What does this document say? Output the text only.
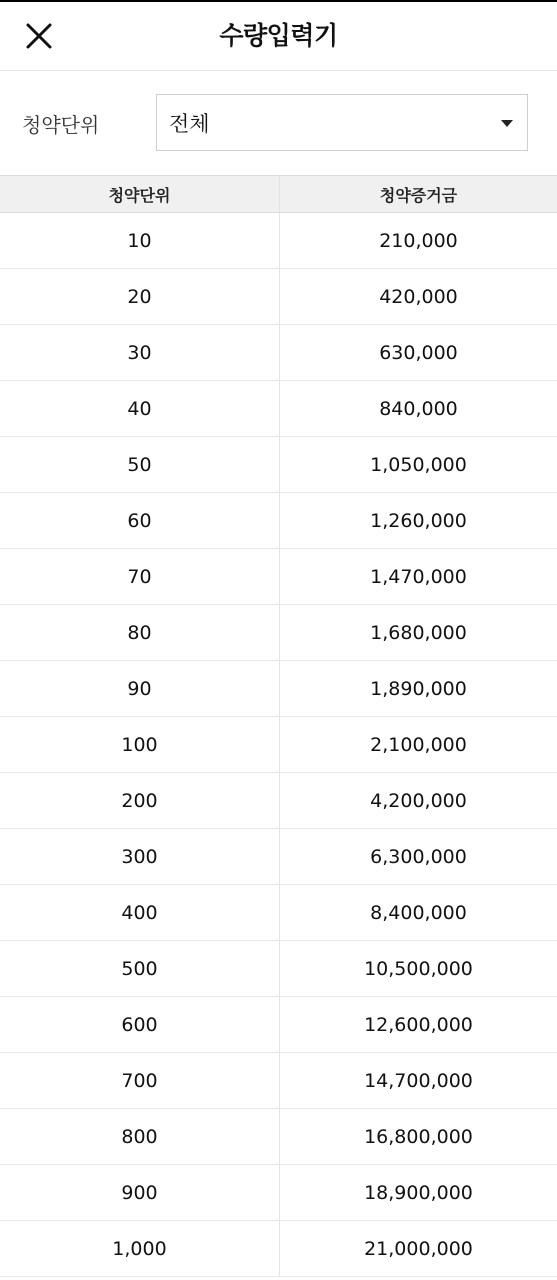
수량입력기
청약단위	전체
청약단위	청약증거금
10	210,000
20	420,000
30	630,000
40	840,000
50	1,050,000
60	1,260,000
70	1,470,000
80	1,680,000
90	1,890,000
100	2,100,000
200	4,200,000
300	6,300,000
400	8,400,000
500	10,500,000
600	12,600,000
700	14,700,000
800	16,800,000
900	18,900,000
1,000	21,000,000
